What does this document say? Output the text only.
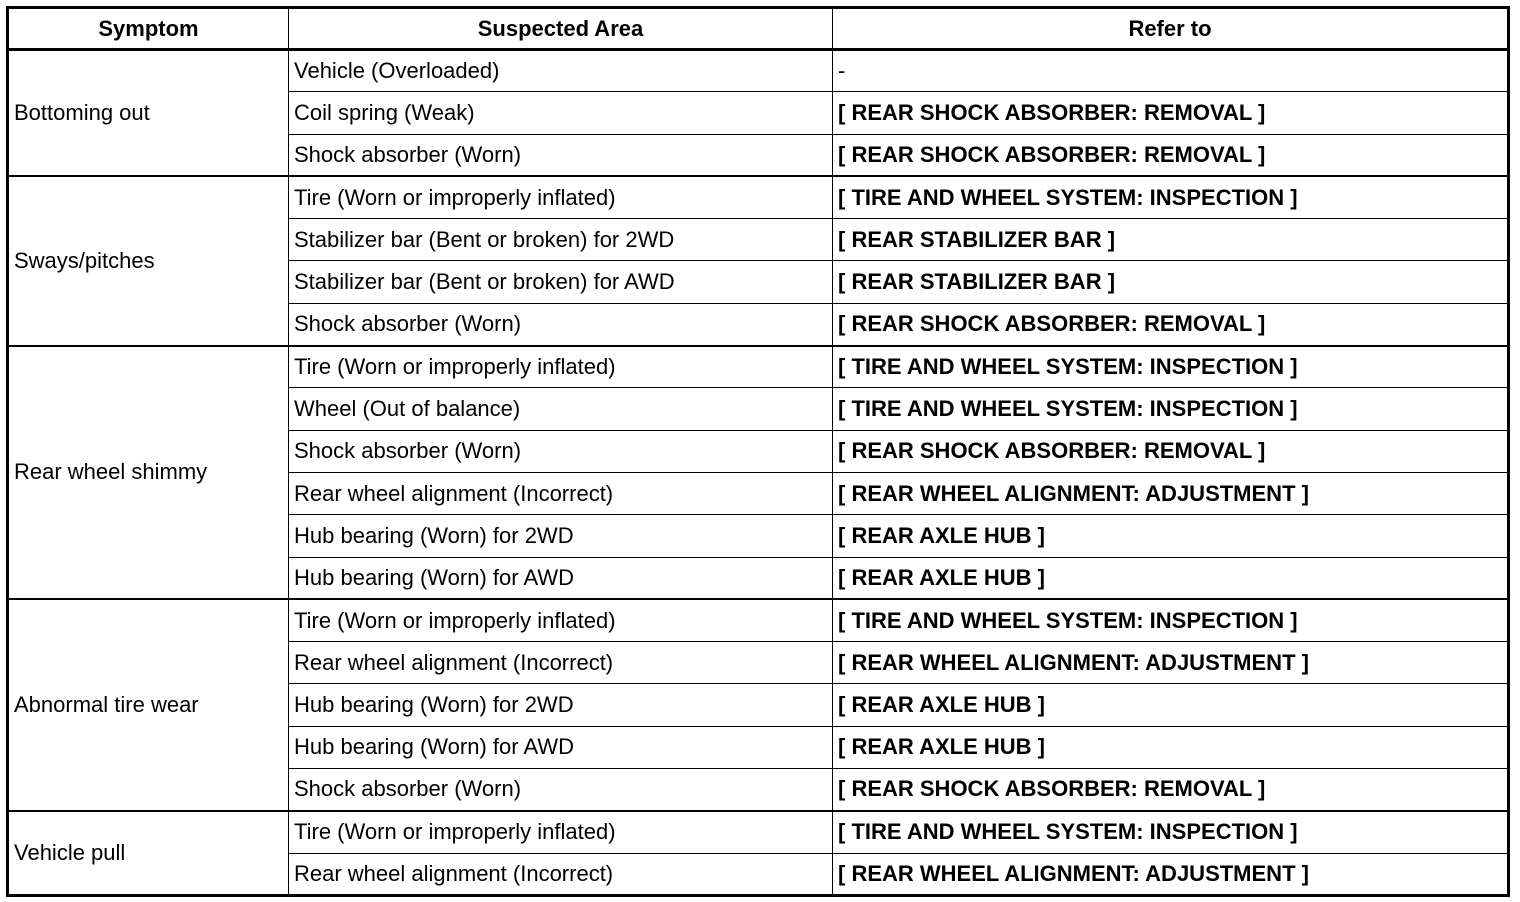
Symptom	Suspected Area	Refer to
Bottoming out	Vehicle (Overloaded)	-
	Coil spring (Weak)	[ REAR SHOCK ABSORBER: REMOVAL ]
	Shock absorber (Worn)	[ REAR SHOCK ABSORBER: REMOVAL ]
Sways/pitches	Tire (Worn or improperly inflated)	[ TIRE AND WHEEL SYSTEM: INSPECTION ]
	Stabilizer bar (Bent or broken) for 2WD	[ REAR STABILIZER BAR ]
	Stabilizer bar (Bent or broken) for AWD	[ REAR STABILIZER BAR ]
	Shock absorber (Worn)	[ REAR SHOCK ABSORBER: REMOVAL ]
Rear wheel shimmy	Tire (Worn or improperly inflated)	[ TIRE AND WHEEL SYSTEM: INSPECTION ]
	Wheel (Out of balance)	[ TIRE AND WHEEL SYSTEM: INSPECTION ]
	Shock absorber (Worn)	[ REAR SHOCK ABSORBER: REMOVAL ]
	Rear wheel alignment (Incorrect)	[ REAR WHEEL ALIGNMENT: ADJUSTMENT ]
	Hub bearing (Worn) for 2WD	[ REAR AXLE HUB ]
	Hub bearing (Worn) for AWD	[ REAR AXLE HUB ]
Abnormal tire wear	Tire (Worn or improperly inflated)	[ TIRE AND WHEEL SYSTEM: INSPECTION ]
	Rear wheel alignment (Incorrect)	[ REAR WHEEL ALIGNMENT: ADJUSTMENT ]
	Hub bearing (Worn) for 2WD	[ REAR AXLE HUB ]
	Hub bearing (Worn) for AWD	[ REAR AXLE HUB ]
	Shock absorber (Worn)	[ REAR SHOCK ABSORBER: REMOVAL ]
Vehicle pull	Tire (Worn or improperly inflated)	[ TIRE AND WHEEL SYSTEM: INSPECTION ]
	Rear wheel alignment (Incorrect)	[ REAR WHEEL ALIGNMENT: ADJUSTMENT ]
